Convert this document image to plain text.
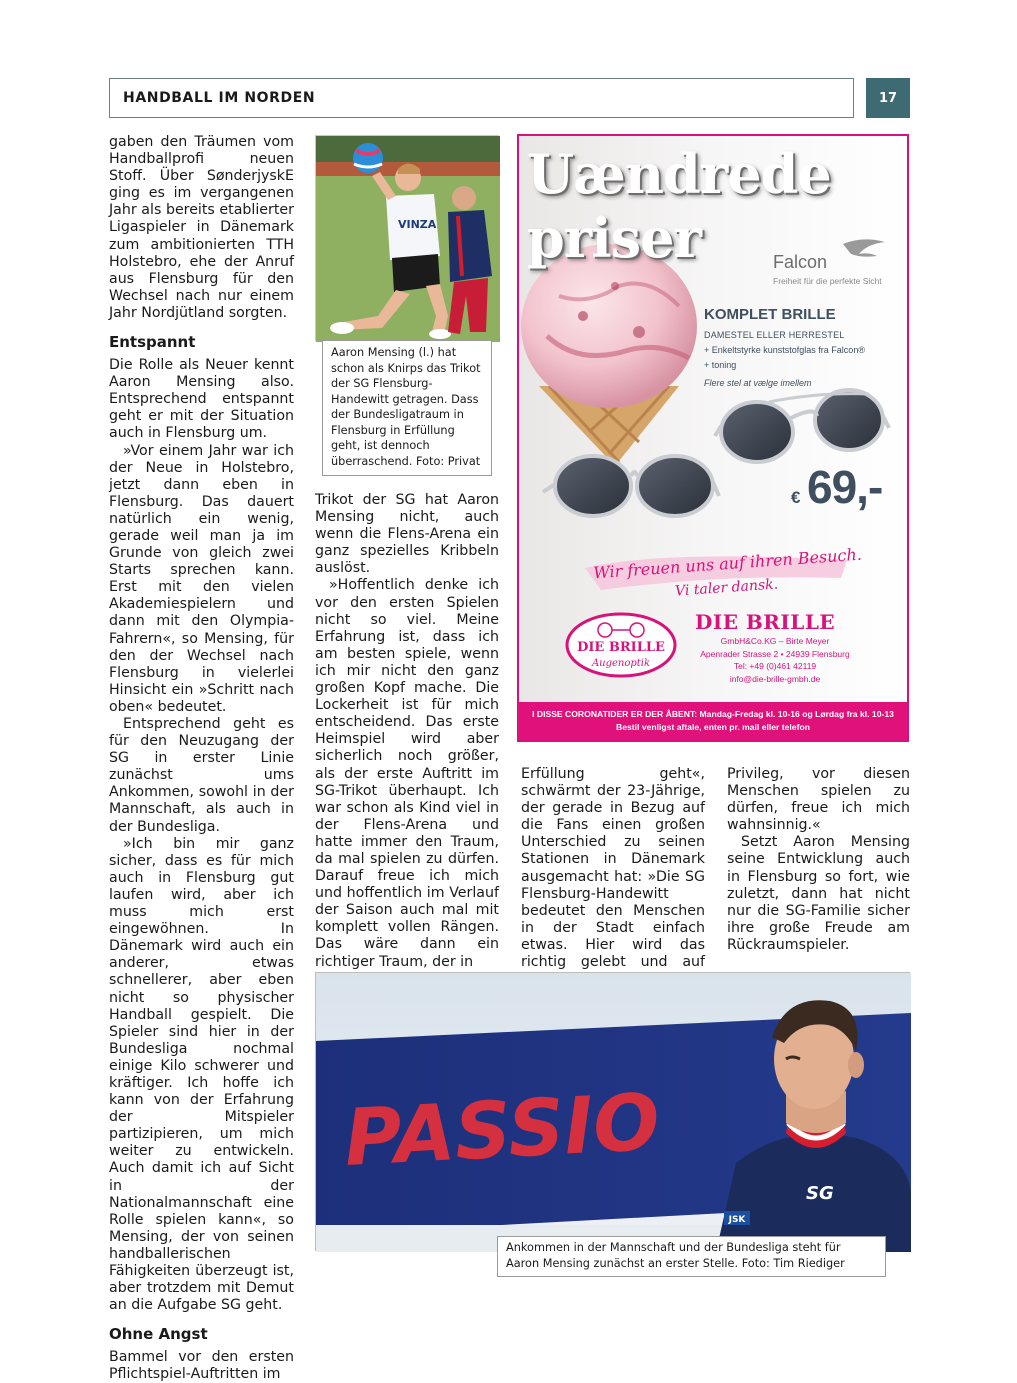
HANDBALL IM NORDEN	17

gaben den Träumen vom Handballprofi neuen Stoff. Über SønderjyskE ging es im vergangenen Jahr als bereits etablierter Ligaspieler in Dänemark zum ambitionierten TTH Holstebro, ehe der Anruf aus Flensburg für den Wechsel nach nur einem Jahr Nordjütland sorgten.

Entspannt

Die Rolle als Neuer kennt Aaron Mensing also. Entsprechend entspannt geht er mit der Situation auch in Flensburg um.

»Vor einem Jahr war ich der Neue in Holstebro, jetzt dann eben in Flensburg. Das dauert natürlich ein wenig, gerade weil man ja im Grunde von gleich zwei Starts sprechen kann. Erst mit den vielen Akademiespielern und dann mit den Olympia-Fahrern«, so Mensing, für den der Wechsel nach Flensburg in vielerlei Hinsicht ein »Schritt nach oben« bedeutet.

Entsprechend geht es für den Neuzugang der SG in erster Linie zunächst ums Ankommen, sowohl in der Mannschaft, als auch in der Bundesliga.

»Ich bin mir ganz sicher, dass es für mich auch in Flensburg gut laufen wird, aber ich muss mich erst eingewöhnen. In Dänemark wird auch ein anderer, etwas schnellerer, aber eben nicht so physischer Handball gespielt. Die Spieler sind hier in der Bundesliga nochmal einige Kilo schwerer und kräftiger. Ich hoffe ich kann von der Erfahrung der Mitspieler partizipieren, um mich weiter zu entwickeln. Auch damit ich auf Sicht in der Nationalmannschaft eine Rolle spielen kann«, so Mensing, der von seinen handballerischen Fähigkeiten überzeugt ist, aber trotzdem mit Demut an die Aufgabe SG geht.

Ohne Angst

Bammel vor den ersten Pflichtspiel-Auftritten im

VINZA
Aaron Mensing (l.) hat schon als Knirps das Trikot der SG Flensburg-Handewitt getragen. Dass der Bundesligatraum in Flensburg in Erfüllung geht, ist dennoch überraschend. Foto: Privat

Trikot der SG hat Aaron Mensing nicht, auch wenn die Flens-Arena ein ganz spezielles Kribbeln auslöst.

»Hoffentlich denke ich vor den ersten Spielen nicht so viel. Meine Erfahrung ist, dass ich am besten spiele, wenn ich mir nicht den ganz großen Kopf mache. Die Lockerheit ist für mich entscheidend. Das erste Heimspiel wird aber sicherlich noch größer, als der erste Auftritt im SG-Trikot überhaupt. Ich war schon als Kind viel in der Flens-Arena und hatte immer den Traum, da mal spielen zu dürfen. Darauf freue ich mich und hoffentlich im Verlauf der Saison auch mal mit komplett vollen Rängen. Das wäre dann ein richtiger Traum, der in

Uændrede
priser	Falcon
Freiheit für die perfekte Sicht
KOMPLET BRILLE
DAMESTEL ELLER HERRESTEL
+ Enkeltstyrke kunststofglas fra Falcon®
+ toning
Flere stel at vælge imellem
€ 69,-
Wir freuen uns auf ihren Besuch.
Vi taler dansk.
DIE BRILLE
Augenoptik
DIE BRILLE
GmbH&Co.KG – Birte Meyer
Apenrader Strasse 2 • 24939 Flensburg
Tel: +49 (0)461 42119
info@die-brille-gmbh.de
I DISSE CORONATIDER ER DER ÅBENT: Mandag-Fredag kl. 10-16 og Lørdag fra kl. 10-13
Bestil venligst aftale, enten pr. mail eller telefon

Erfüllung geht«, schwärmt der 23-Jährige, der gerade in Bezug auf die Fans einen großen Unterschied zu seinen Stationen in Dänemark ausgemacht hat: »Die SG Flensburg-Handewitt bedeutet den Menschen in der Stadt einfach etwas. Hier wird das richtig gelebt und auf

Privileg, vor diesen Menschen spielen zu dürfen, freue ich mich wahnsinnig.«

Setzt Aaron Mensing seine Entwicklung auch in Flensburg so fort, wie zuletzt, dann hat nicht nur die SG-Familie sicher ihre große Freude am Rückraumspieler.

PASSIO
JSK
SG
Ankommen in der Mannschaft und der Bundesliga steht für Aaron Mensing zunächst an erster Stelle. Foto: Tim Riediger
